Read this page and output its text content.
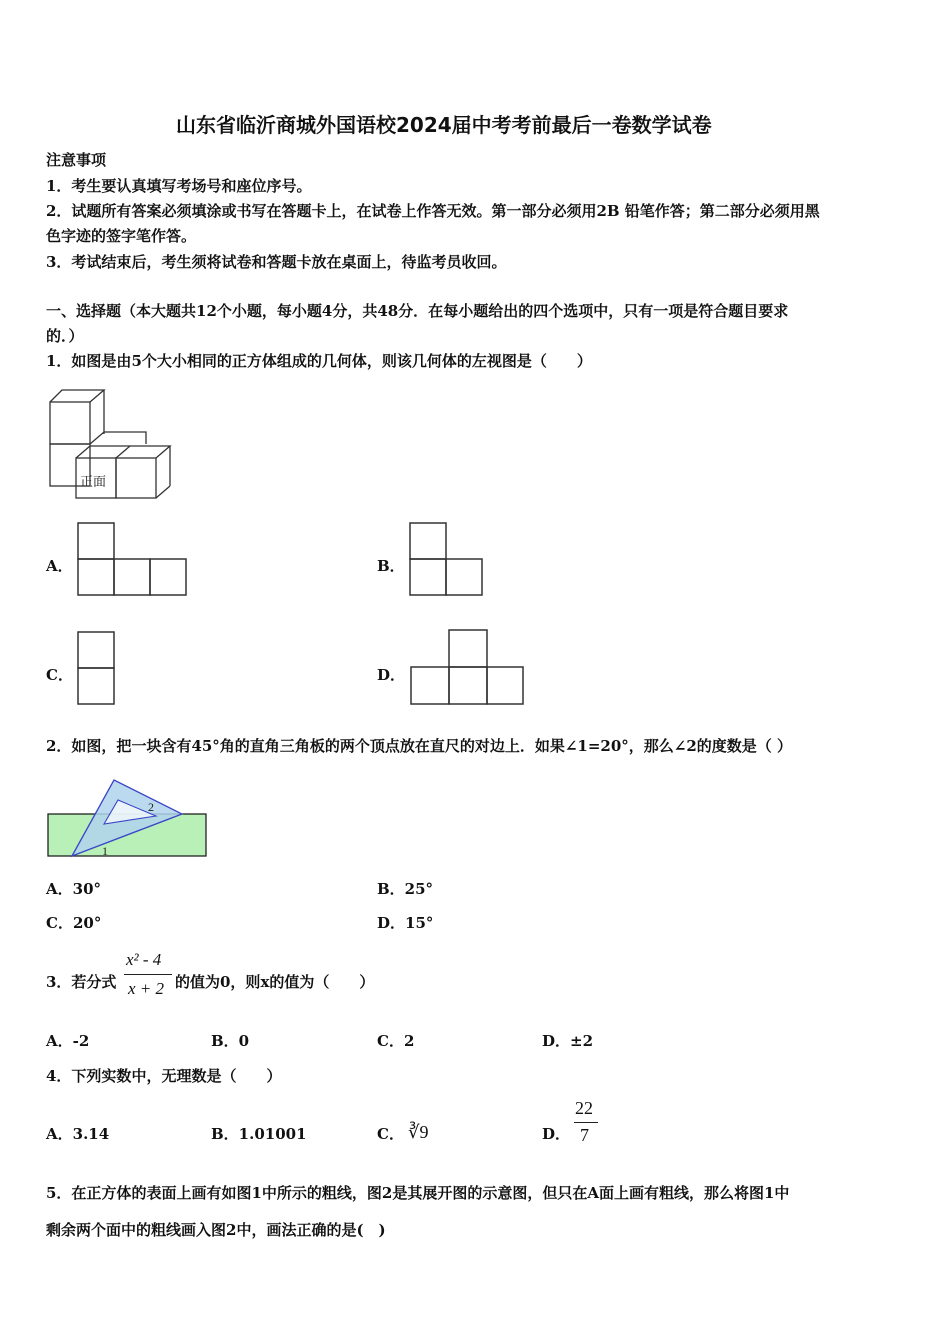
山东省临沂商城外国语校2024届中考考前最后一卷数学试卷
注意事项
1．考生要认真填写考场号和座位序号。
2．试题所有答案必须填涂或书写在答题卡上，在试卷上作答无效。第一部分必须用2B 铅笔作答；第二部分必须用黑
色字迹的签字笔作答。
3．考试结束后，考生须将试卷和答题卡放在桌面上，待监考员收回。
一、选择题（本大题共12个小题，每小题4分，共48分．在每小题给出的四个选项中，只有一项是符合题目要求
的．）
1．如图是由5个大小相同的正方体组成的几何体，则该几何体的左视图是（　　）
正面
A．	B．
C．	D．
2．如图，把一块含有45°角的直角三角板的两个顶点放在直尺的对边上．如果∠1=20°，那么∠2的度数是（ ）
2
1
A．30°	B．25°
C．20°	D．15°
3．若分式
x² - 4
x + 2 的值为0，则x的值为（　　）
A．-2	B．0	C．2	D．±2
4．下列实数中，无理数是（　　）
A．3.14	B．1.01001	C． ∛9	D．
22
7
5．在正方体的表面上画有如图1中所示的粗线，图2是其展开图的示意图，但只在A面上画有粗线，那么将图1中
剩余两个面中的粗线画入图2中，画法正确的是(　)
